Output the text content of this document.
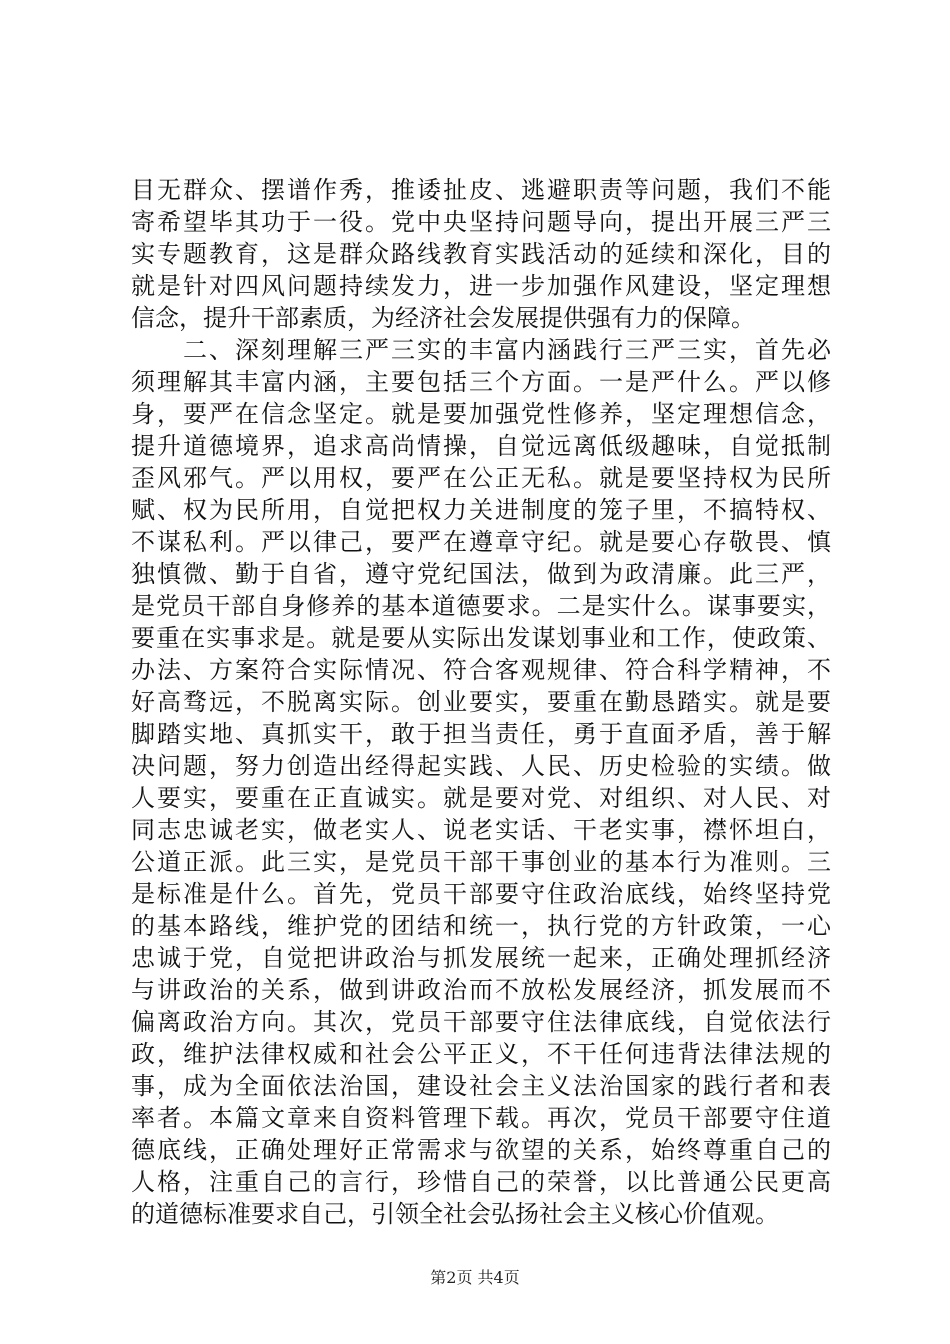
目无群众、摆谱作秀，推诿扯皮、逃避职责等问题，我们不能
寄希望毕其功于一役。党中央坚持问题导向，提出开展三严三
实专题教育，这是群众路线教育实践活动的延续和深化，目的
就是针对四风问题持续发力，进一步加强作风建设，坚定理想
信念，提升干部素质，为经济社会发展提供强有力的保障。
　　二、深刻理解三严三实的丰富内涵践行三严三实，首先必
须理解其丰富内涵，主要包括三个方面。一是严什么。严以修
身，要严在信念坚定。就是要加强党性修养，坚定理想信念，
提升道德境界，追求高尚情操，自觉远离低级趣味，自觉抵制
歪风邪气。严以用权，要严在公正无私。就是要坚持权为民所
赋、权为民所用，自觉把权力关进制度的笼子里，不搞特权、
不谋私利。严以律己，要严在遵章守纪。就是要心存敬畏、慎
独慎微、勤于自省，遵守党纪国法，做到为政清廉。此三严，
是党员干部自身修养的基本道德要求。二是实什么。谋事要实，
要重在实事求是。就是要从实际出发谋划事业和工作，使政策、
办法、方案符合实际情况、符合客观规律、符合科学精神，不
好高骛远，不脱离实际。创业要实，要重在勤恳踏实。就是要
脚踏实地、真抓实干，敢于担当责任，勇于直面矛盾，善于解
决问题，努力创造出经得起实践、人民、历史检验的实绩。做
人要实，要重在正直诚实。就是要对党、对组织、对人民、对
同志忠诚老实，做老实人、说老实话、干老实事，襟怀坦白，
公道正派。此三实，是党员干部干事创业的基本行为准则。三
是标准是什么。首先，党员干部要守住政治底线，始终坚持党
的基本路线，维护党的团结和统一，执行党的方针政策，一心
忠诚于党，自觉把讲政治与抓发展统一起来，正确处理抓经济
与讲政治的关系，做到讲政治而不放松发展经济，抓发展而不
偏离政治方向。其次，党员干部要守住法律底线，自觉依法行
政，维护法律权威和社会公平正义，不干任何违背法律法规的
事，成为全面依法治国，建设社会主义法治国家的践行者和表
率者。本篇文章来自资料管理下载。再次，党员干部要守住道
德底线，正确处理好正常需求与欲望的关系，始终尊重自己的
人格，注重自己的言行，珍惜自己的荣誉，以比普通公民更高
的道德标准要求自己，引领全社会弘扬社会主义核心价值观。
第2页 共4页
